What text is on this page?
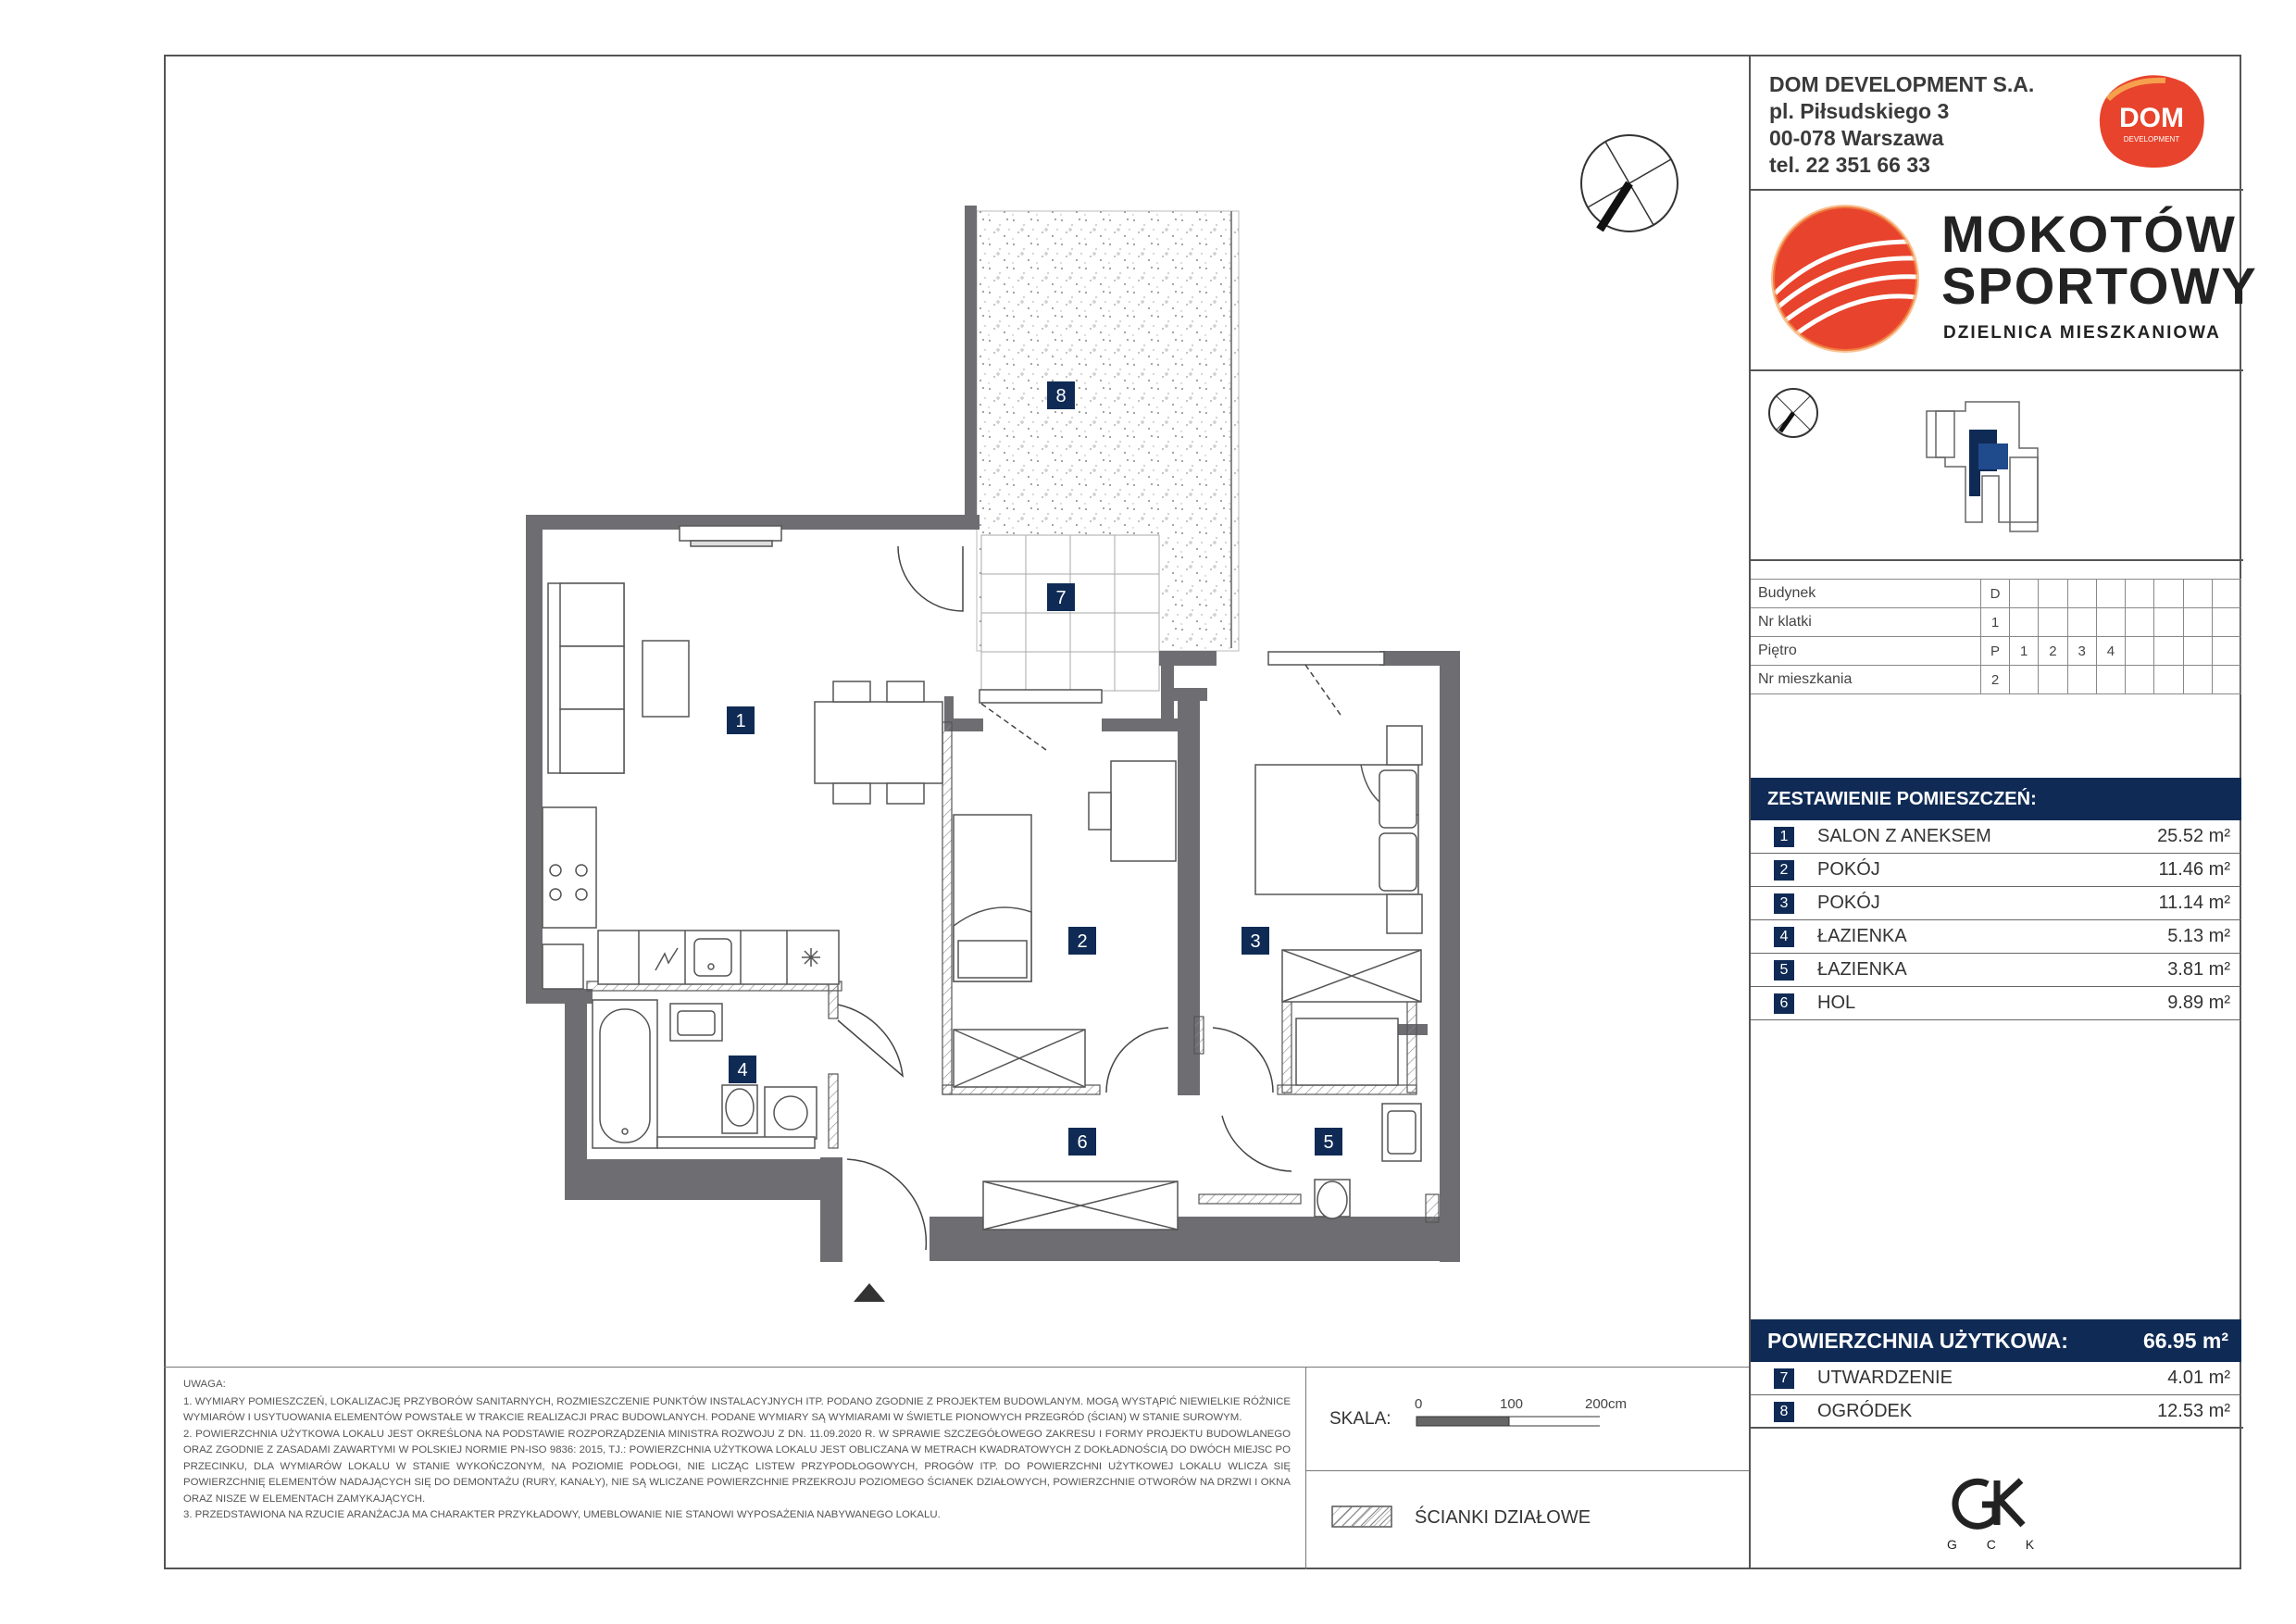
1
2	3
4
5
6
7
8
DOM DEVELOPMENT S.A.
pl. Piłsudskiego 3
00-078 Warszawa
tel. 22 351 66 33
DOM
DEVELOPMENT
MOKOTÓW
SPORTOWY
DZIELNICA MIESZKANIOWA
Budynek	D								
Nr klatki	1								
Piętro	P	1	2	3	4				
Nr mieszkania	2								
ZESTAWIENIE POMIESZCZEŃ:
1	SALON Z ANEKSEM	25.52 m²
2	POKÓJ	11.46 m²
3	POKÓJ	11.14 m²
4	ŁAZIENKA	5.13 m²
5	ŁAZIENKA	3.81 m²
6	HOL	9.89 m²
POWIERZCHNIA UŻYTKOWA:	66.95 m²
7	UTWARDZENIE	4.01 m²
8	OGRÓDEK	12.53 m²
G C K
UWAGA:
1. WYMIARY POMIESZCZEŃ, LOKALIZACJĘ PRZYBORÓW SANITARNYCH, ROZMIESZCZENIE PUNKTÓW INSTALACYJNYCH ITP. PODANO ZGODNIE Z PROJEKTEM BUDOWLANYM. MOGĄ WYSTĄPIĆ NIEWIELKIE RÓŻNICE WYMIARÓW I USYTUOWANIA ELEMENTÓW POWSTAŁE W TRAKCIE REALIZACJI PRAC BUDOWLANYCH. PODANE WYMIARY SĄ WYMIARAMI W ŚWIETLE PIONOWYCH PRZEGRÓD (ŚCIAN) W STANIE SUROWYM.
2. POWIERZCHNIA UŻYTKOWA LOKALU JEST OKREŚLONA NA PODSTAWIE ROZPORZĄDZENIA MINISTRA ROZWOJU Z DN. 11.09.2020 R. W SPRAWIE SZCZEGÓŁOWEGO ZAKRESU I FORMY PROJEKTU BUDOWLANEGO ORAZ ZGODNIE Z ZASADAMI ZAWARTYMI W POLSKIEJ NORMIE PN-ISO 9836: 2015, TJ.: POWIERZCHNIA UŻYTKOWA LOKALU JEST OBLICZANA W METRACH KWADRATOWYCH Z DOKŁADNOŚCIĄ DO DWÓCH MIEJSC PO PRZECINKU, DLA WYMIARÓW LOKALU W STANIE WYKOŃCZONYM, NA POZIOMIE PODŁOGI, NIE LICZĄC LISTEW PRZYPODŁOGOWYCH, PROGÓW ITP. DO POWIERZCHNI UŻYTKOWEJ LOKALU WLICZA SIĘ POWIERZCHNIĘ ELEMENTÓW NADAJĄCYCH SIĘ DO DEMONTAŻU (RURY, KANAŁY), NIE SĄ WLICZANE POWIERZCHNIE PRZEKROJU POZIOMEGO ŚCIANEK DZIAŁOWYCH, POWIERZCHNIE OTWORÓW NA DRZWI I OKNA ORAZ NISZE W ELEMENTACH ZAMYKAJĄCYCH.
3. PRZEDSTAWIONA NA RZUCIE ARANŻACJA MA CHARAKTER PRZYKŁADOWY, UMEBLOWANIE NIE STANOWI WYPOSAŻENIA NABYWANEGO LOKALU.
SKALA:
0	100	200cm
ŚCIANKI DZIAŁOWE
